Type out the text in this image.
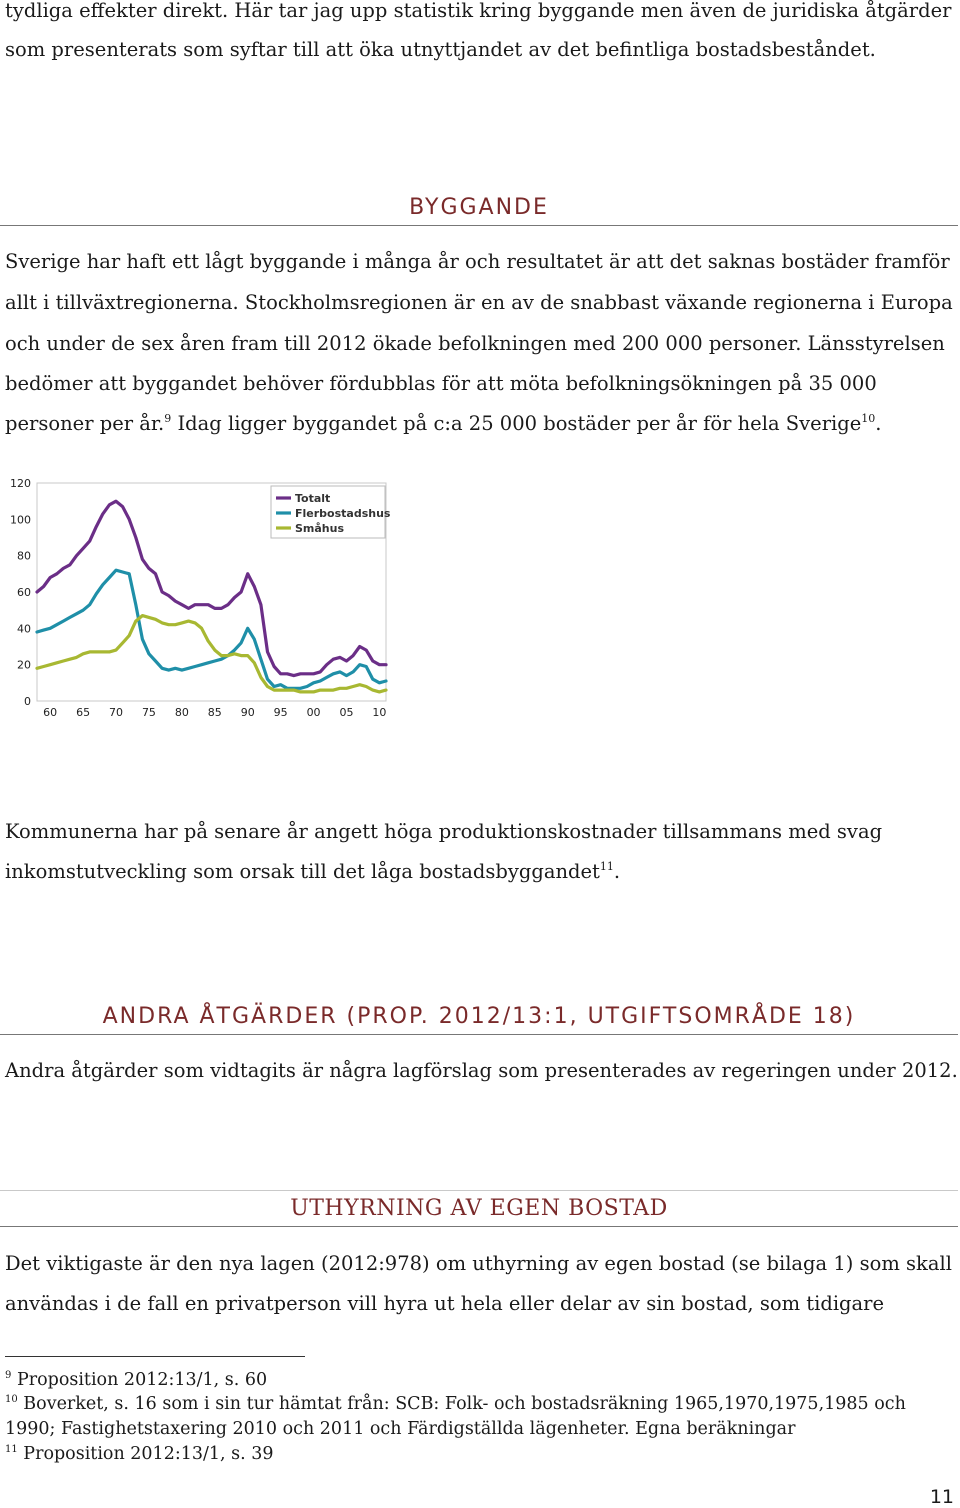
tydliga effekter direkt. Här tar jag upp statistik kring byggande men även de juridiska åtgärder
som presenterats som syftar till att öka utnyttjandet av det befintliga bostadsbeståndet.
BYGGANDE
Sverige har haft ett lågt byggande i många år och resultatet är att det saknas bostäder framför
allt i tillväxtregionerna. Stockholmsregionen är en av de snabbast växande regionerna i Europa
och under de sex åren fram till 2012 ökade befolkningen med 200 000 personer. Länsstyrelsen
bedömer att byggandet behöver fördubblas för att möta befolkningsökningen på 35 000
personer per år.$^9$ Idag ligger byggandet på c:a 25 000 bostäder per år för hela Sverige$^{10}$.
0
20
40
60
80
100
120
60 65 70 75 80 85 90 95 00 05 10
Totalt
Flerbostadshus
Småhus
Kommunerna har på senare år angett höga produktionskostnader tillsammans med svag
inkomstutveckling som orsak till det låga bostadsbyggandet$^{11}$.
ANDRA ÅTGÄRDER (PROP. 2012/13:1, UTGIFTSOMRÅDE 18)
Andra åtgärder som vidtagits är några lagförslag som presenterades av regeringen under 2012.
UTHYRNING AV EGEN BOSTAD
Det viktigaste är den nya lagen (2012:978) om uthyrning av egen bostad (se bilaga 1) som skall
användas i de fall en privatperson vill hyra ut hela eller delar av sin bostad, som tidigare
$^9$ Proposition 2012:13/1, s. 60
$^{10}$ Boverket, s. 16 som i sin tur hämtat från: SCB: Folk- och bostadsräkning 1965,1970,1975,1985 och
1990; Fastighetstaxering 2010 och 2011 och Färdigställda lägenheter. Egna beräkningar
$^{11}$ Proposition 2012:13/1, s. 39
11
